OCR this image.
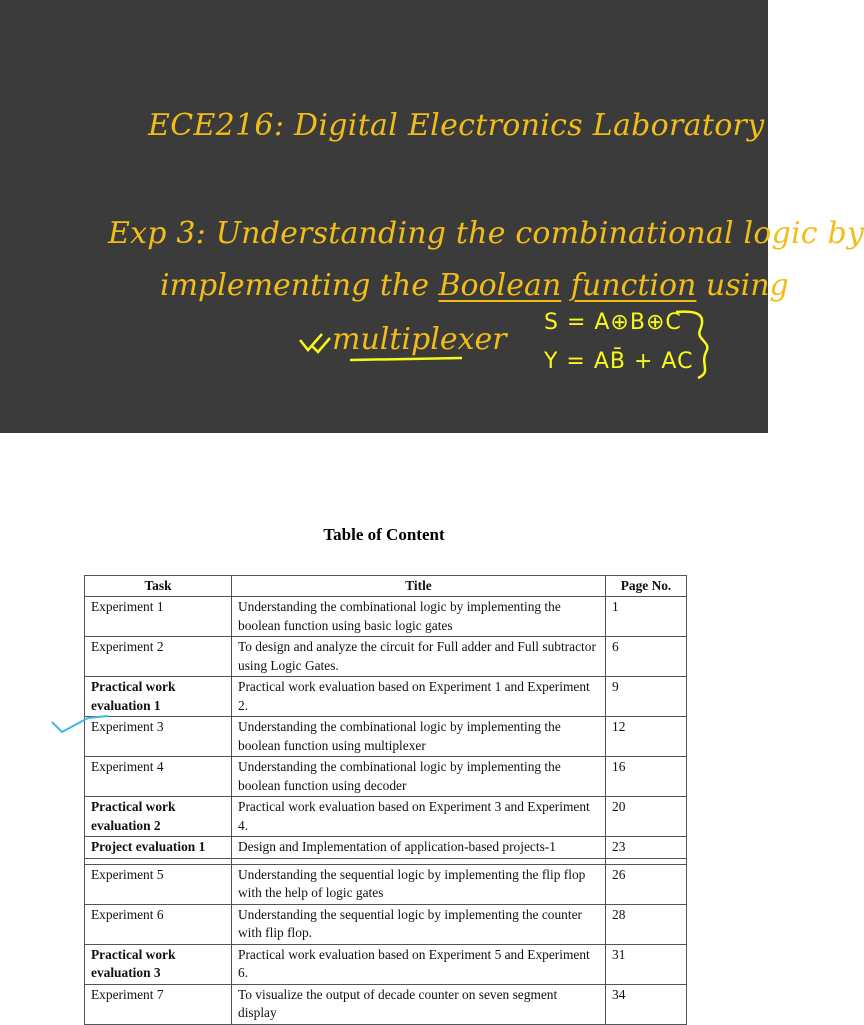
ECE216: Digital Electronics Laboratory
Exp 3: Understanding the combinational logic by
implementing the Boolean function using
multiplexer S = A⊕B⊕C
Y = AB̄ + AC
Table of Content
Task	Title	Page No.
Experiment 1	Understanding the combinational logic by implementing the boolean function using basic logic gates	1
Experiment 2	To design and analyze the circuit for Full adder and Full subtractor using Logic Gates.	6
Practical work evaluation 1	Practical work evaluation based on Experiment 1 and Experiment 2.	9
Experiment 3	Understanding the combinational logic by implementing the boolean function using multiplexer	12
Experiment 4	Understanding the combinational logic by implementing the boolean function using decoder	16
Practical work evaluation 2	Practical work evaluation based on Experiment 3 and Experiment 4.	20
Project evaluation 1	Design and Implementation of application-based projects-1	23

Experiment 5	Understanding the sequential logic by implementing the flip flop with the help of logic gates	26
Experiment 6	Understanding the sequential logic by implementing the counter with flip flop.	28
Practical work evaluation 3	Practical work evaluation based on Experiment 5 and Experiment 6.	31
Experiment 7	To visualize the output of decade counter on seven segment display	34
